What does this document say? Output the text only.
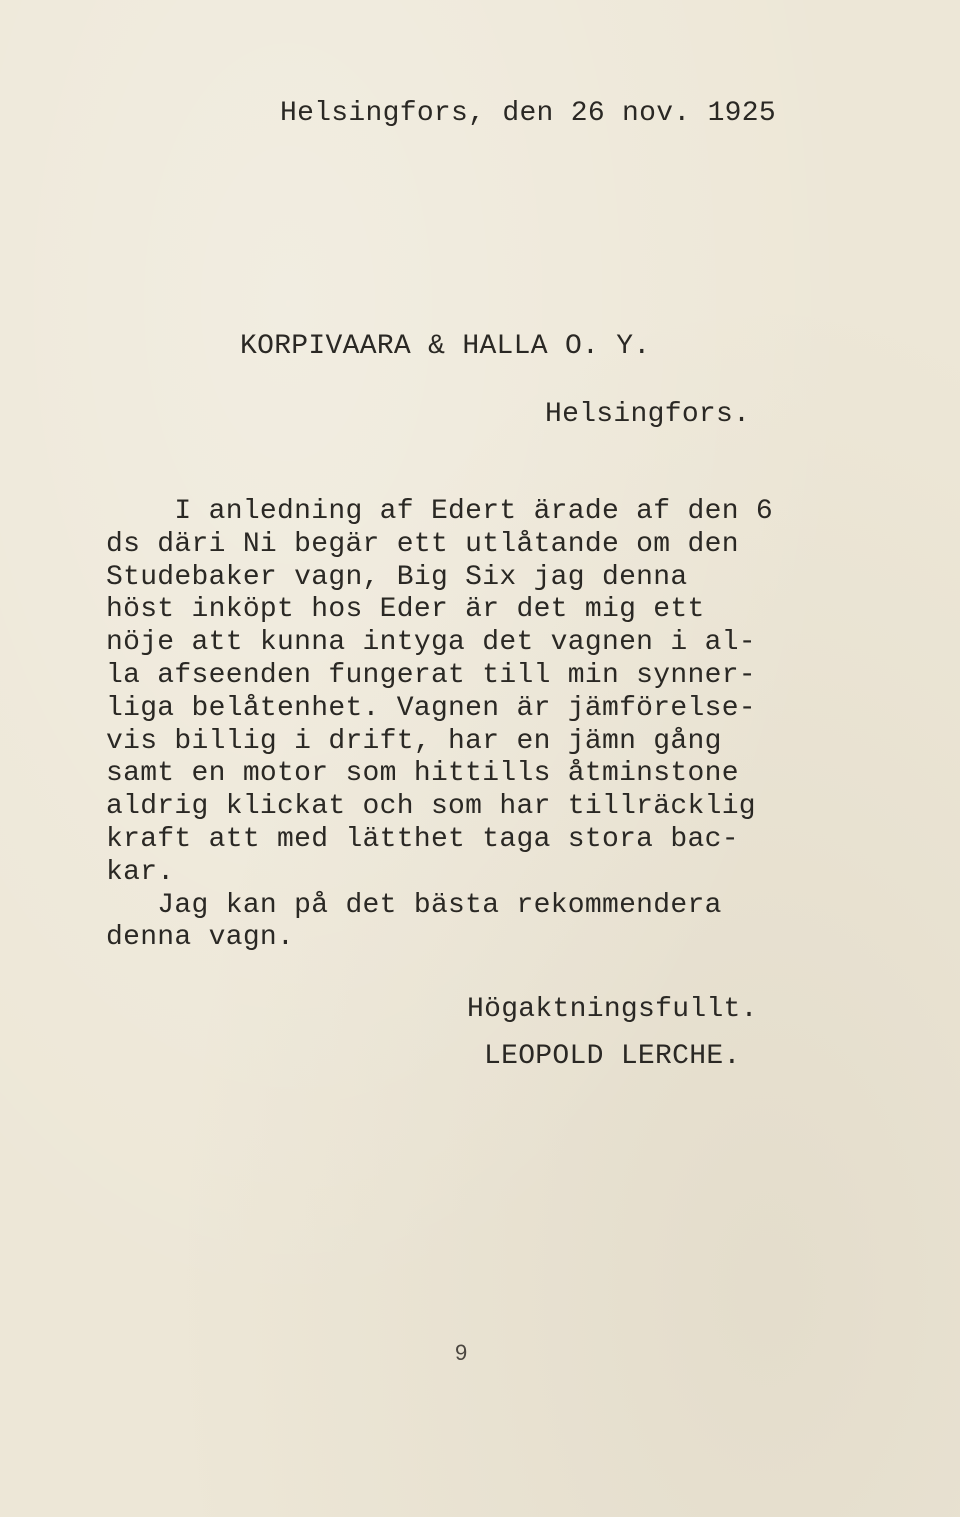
Helsingfors, den 26 nov. 1925
KORPIVAARA & HALLA O. Y.
Helsingfors.
I anledning af Edert ärade af den 6
ds däri Ni begär ett utlåtande om den
Studebaker vagn, Big Six jag denna
höst inköpt hos Eder är det mig ett
nöje att kunna intyga det vagnen i al-
la afseenden fungerat till min synner-
liga belåtenhet. Vagnen är jämförelse-
vis billig i drift, har en jämn gång
samt en motor som hittills åtminstone
aldrig klickat och som har tillräcklig
kraft att med lätthet taga stora bac-
kar.
Jag kan på det bästa rekommendera
denna vagn.
Högaktningsfullt.
LEOPOLD LERCHE.
9
